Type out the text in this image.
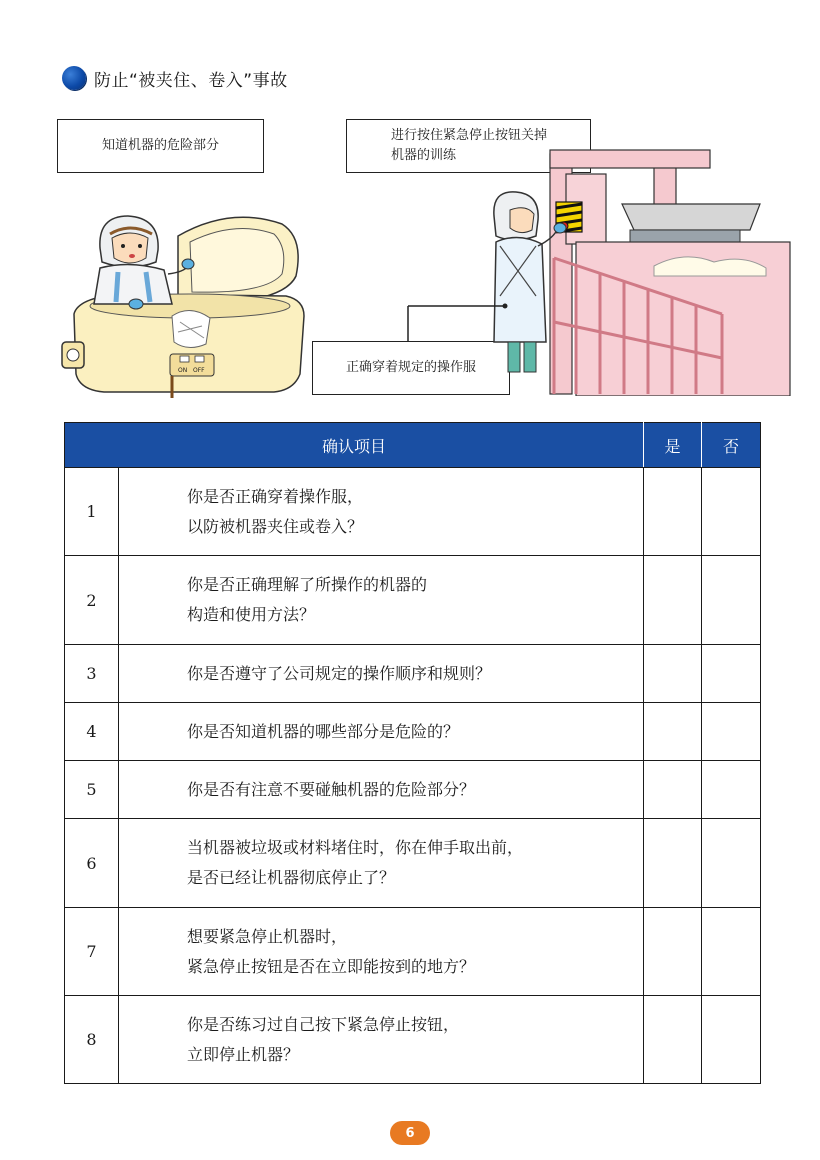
防止“被夹住、卷入”事故
知道机器的危险部分
进行按住紧急停止按钮关掉
机器的训练
正确穿着规定的操作服
ON OFF
确认项目		是	否
1	你是否正确穿着操作服，
以防被机器夹住或卷入？		

2	你是否正确理解了所操作的机器的
构造和使用方法？		

3	你是否遵守了公司规定的操作顺序和规则？		

4	你是否知道机器的哪些部分是危险的？		

5	你是否有注意不要碰触机器的危险部分？		

6	当机器被垃圾或材料堵住时，你在伸手取出前，
是否已经让机器彻底停止了？		

7	想要紧急停止机器时，
紧急停止按钮是否在立即能按到的地方？		

8	你是否练习过自己按下紧急停止按钮，
立即停止机器？		

6
